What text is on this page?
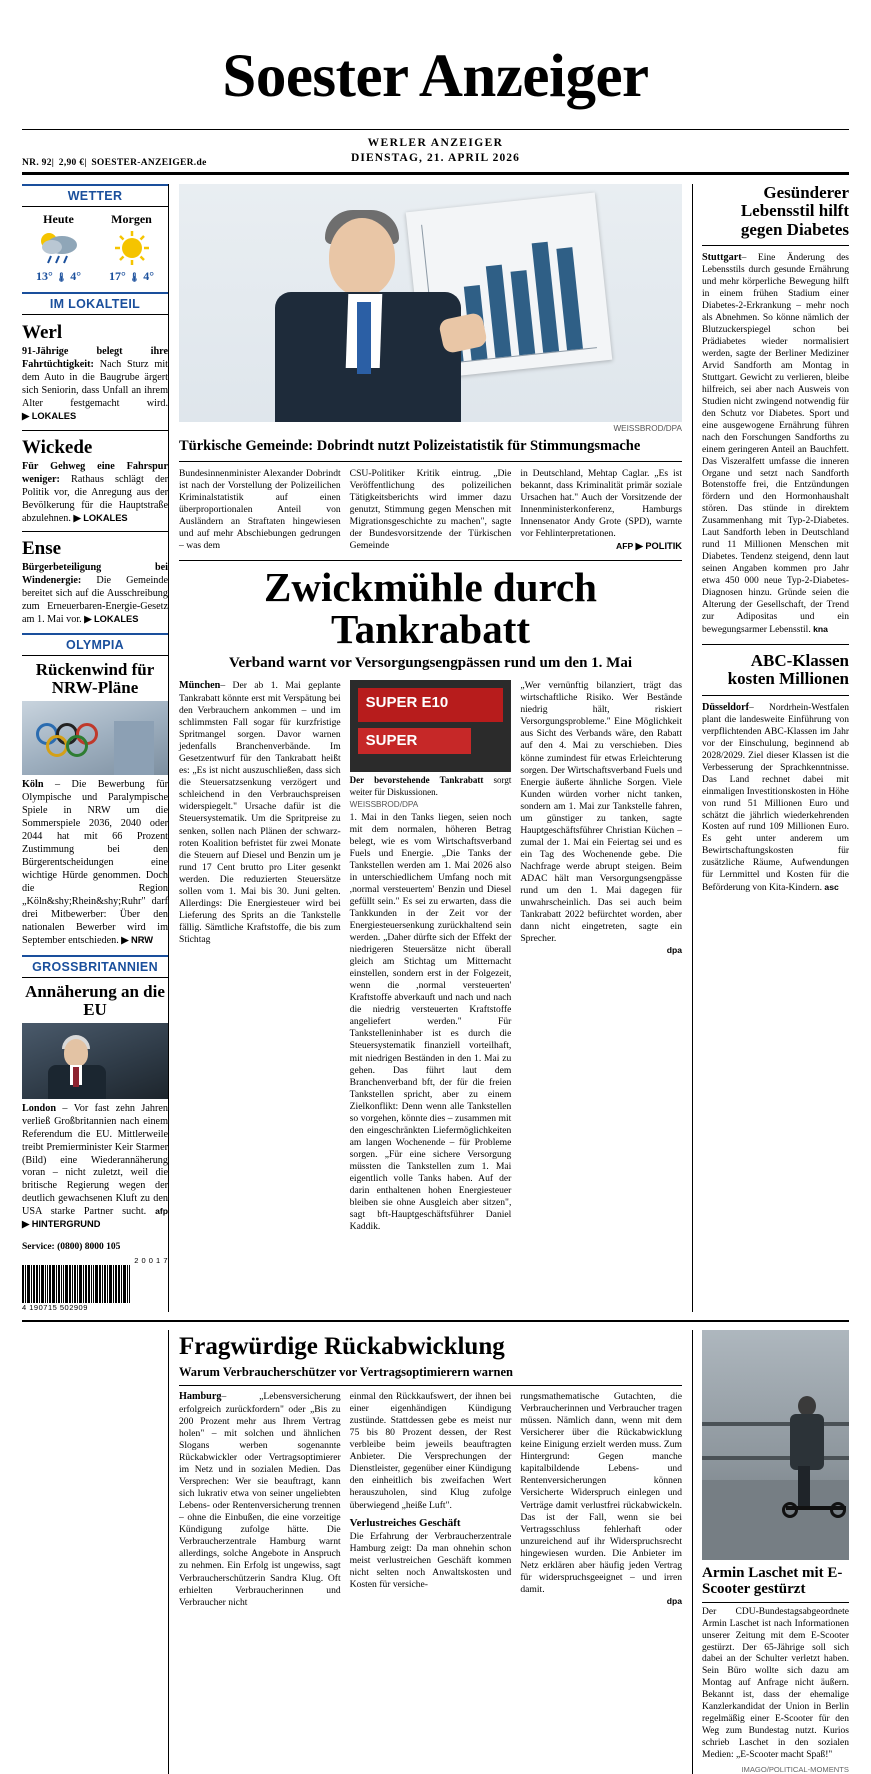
Soester Anzeiger
WERLER ANZEIGER
DIENSTAG, 21. APRIL 2026
NR. 92| 2,90 €| SOESTER-ANZEIGER.de
WETTER
Heute
13° 🌡 4°
Morgen
17° 🌡 4°
IM LOKALTEIL
Werl

91-Jährige belegt ihre Fahrtüchtigkeit: Nach Sturz mit dem Auto in die Baugrube ärgert sich Seniorin, dass Unfall an ihrem Alter festgemacht wird. ▶ LOKALES

Wickede

Für Gehweg eine Fahrspur weniger: Rathaus schlägt der Politik vor, die Anregung aus der Bevölkerung für die Hauptstraße abzulehnen. ▶ LOKALES

Ense

Bürgerbeteiligung bei Windenergie: Die Gemeinde bereitet sich auf die Ausschreibung zum Erneuerbaren-Energie-Gesetz am 1. Mai vor. ▶ LOKALES

OLYMPIA
Rückenwind für NRW-Pläne

Köln – Die Bewerbung für Olympische und Paralympische Spiele in NRW um die Sommerspiele 2036, 2040 oder 2044 hat mit 66 Prozent Zustimmung bei den Bürgerentscheidungen eine wichtige Hürde genommen. Doch die Region „Köln&shy;Rhein&shy;Ruhr" darf drei Mitbewerber: Über den nationalen Bewerber wird im September entschieden. ▶ NRW

GROSSBRITANNIEN
Annäherung an die EU

London – Vor fast zehn Jahren verließ Großbritannien nach einem Referendum die EU. Mittlerweile treibt Premierminister Keir Starmer (Bild) eine Wiederannäherung voran – nicht zuletzt, weil die britische Regierung wegen der deutlich gewachsenen Kluft zu den USA starke Partner sucht. afp ▶ HINTERGRUND

Service: (0800) 8000 105

2 0 0 1 7
4 190715 502909
WEISSBROD/DPA
Türkische Gemeinde: Dobrindt nutzt Polizeistatistik für Stimmungsmache

Bundesinnenminister Alexander Dobrindt ist nach der Vorstellung der Polizeilichen Kriminalstatistik auf einen überproportionalen Anteil von Ausländern an Straftaten hingewiesen und auf mehr Abschiebungen gedrungen – was dem

CSU-Politiker Kritik eintrug. „Die Veröffentlichung des polizeilichen Tätigkeitsberichts wird immer dazu genutzt, Stimmung gegen Menschen mit Migrationsgeschichte zu machen", sagte der Bundesvorsitzende der Türkischen Gemeinde

in Deutschland, Mehtap Caglar. „Es ist bekannt, dass Kriminalität primär soziale Ursachen hat." Auch der Vorsitzende der Innenministerkonferenz, Hamburgs Innensenator Andy Grote (SPD), warnte vor Fehlinterpretationen.

AFP ▶ POLITIK

Zwickmühle durch Tankrabatt
Verband warnt vor Versorgungsengpässen rund um den 1. Mai

München– Der ab 1. Mai geplante Tankrabatt könnte erst mit Verspätung bei den Verbrauchern ankommen – und im schlimmsten Fall sogar für kurzfristige Spritmangel sorgen. Davor warnen jedenfalls Branchenverbände. Im Gesetzentwurf für den Tankrabatt heißt es: „Es ist nicht auszuschließen, dass sich die Steuersatzsenkung verzögert und schleichend in den Verbrauchspreisen widerspiegelt." Ursache dafür ist die Steuersystematik. Um die Spritpreise zu senken, sollen nach Plänen der schwarz-roten Koalition befristet für zwei Monate die Steuern auf Diesel und Benzin um je rund 17 Cent brutto pro Liter gesenkt werden. Die reduzierten Steuersätze sollen vom 1. Mai bis 30. Juni gelten. Allerdings: Die Energiesteuer wird bei Lieferung des Sprits an die Tankstelle fällig. Sämtliche Kraftstoffe, die bis zum Stichtag

SUPER E10
SUPER

Der bevorstehende Tankrabatt sorgt weiter für Diskussionen.

WEISSBROD/DPA

1. Mai in den Tanks liegen, seien noch mit dem normalen, höheren Betrag belegt, wie es vom Wirtschaftsverband Fuels und Energie. „Die Tanks der Tankstellen werden am 1. Mai 2026 also in unterschiedlichem Umfang noch mit ,normal versteuertem' Benzin und Diesel gefüllt sein." Es sei zu erwarten, dass die Tankkunden in der Zeit vor der Energiesteuersenkung zurückhaltend sein werden. „Daher dürfte sich der Effekt der niedrigeren Steuersätze nicht überall gleich am Stichtag um Mitternacht einstellen, sondern erst in der Folgezeit, wenn die ,normal versteuerten' Kraftstoffe abverkauft und nach und nach die niedrig versteuerten Kraftstoffe angeliefert werden." Für Tankstelleninhaber ist es durch die Steuersystematik finanziell vorteilhaft, mit niedrigen Beständen in den 1. Mai zu gehen. Das führt laut dem Branchenverband bft, der für die freien Tankstellen spricht, aber zu einem Zielkonflikt: Denn wenn alle Tankstellen so vorgehen, könnte dies – zusammen mit den eingeschränkten Liefermöglichkeiten am langen Wochenende – für Probleme sorgen. „Für eine sichere Versorgung müssten die Tankstellen zum 1. Mai eigentlich volle Tanks haben. Auf der darin enthaltenen hohen Energiesteuer bleiben sie ohne Ausgleich aber sitzen", sagt bft-Hauptgeschäftsführer Daniel Kaddik.

„Wer vernünftig bilanziert, trägt das wirtschaftliche Risiko. Wer Bestände niedrig hält, riskiert Versorgungsprobleme." Eine Möglichkeit aus Sicht des Verbands wäre, den Rabatt auf den 4. Mai zu verschieben. Dies könne zumindest für etwas Erleichterung sorgen. Der Wirtschaftsverband Fuels und Energie äußerte ähnliche Sorgen. Viele Kunden würden vorher nicht tanken, sondern am 1. Mai zur Tankstelle fahren, um günstiger zu tanken, sagte Hauptgeschäftsführer Christian Küchen – zumal der 1. Mai ein Feiertag sei und es ein Tag des Wochenende gebe. Die Nachfrage werde abrupt steigen. Beim ADAC hält man Versorgungsengpässe rund um den 1. Mai dagegen für unwahrscheinlich. Das sei auch beim Tankrabatt 2022 befürchtet worden, aber dann nicht eingetreten, sagte ein Sprecher.

dpa

Gesünderer Lebensstil hilft gegen Diabetes

Stuttgart– Eine Änderung des Lebensstils durch gesunde Ernährung und mehr körperliche Bewegung hilft in einem frühen Stadium einer Diabetes-2-Erkrankung – mehr noch als Abnehmen. So könne nämlich der Blutzuckerspiegel schon bei Prädiabetes wieder normalisiert werden, sagte der Berliner Mediziner Arvid Sandforth am Montag in Stuttgart. Gewicht zu verlieren, bleibe hilfreich, sei aber nach Ausweis von Studien nicht zwingend notwendig für den Schutz vor Diabetes. Sport und eine ausgewogene Ernährung führen nach den Forschungen Sandforths zu einem geringeren Anteil an Bauchfett. Das Viszeralfett umfasse die inneren Organe und setzt nach Sandforth Botenstoffe frei, die Entzündungen fördern und den Hormonhaushalt stören. Das stünde in direktem Zusammenhang mit Typ-2-Diabetes. Laut Sandforth leben in Deutschland rund 11 Millionen Menschen mit Diabetes. Tendenz steigend, denn laut seinen Angaben kommen pro Jahr etwa 450 000 neue Typ-2-Diabetes-Diagnosen hinzu. Gründe seien die Alterung der Gesellschaft, der Trend zur Adipositas und ein bewegungsarmer Lebensstil. kna

ABC-Klassen kosten Millionen

Düsseldorf– Nordrhein-Westfalen plant die landesweite Einführung von verpflichtenden ABC-Klassen im Jahr vor der Einschulung, beginnend ab 2028/2029. Ziel dieser Klassen ist die Verbesserung der Sprachkenntnisse. Das Land rechnet dabei mit einmaligen Investitionskosten in Höhe von rund 51 Millionen Euro und schätzt die jährlich wiederkehrenden Kosten auf rund 109 Millionen Euro. Es geht unter anderem um Bewirtschaftungskosten für zusätzliche Räume, Aufwendungen für Lernmittel und Kosten für die Beförderung von Kita-Kindern. asc

Fragwürdige Rückabwicklung
Warum Verbraucherschützer vor Vertragsoptimierern warnen

Hamburg– „Lebensversicherung erfolgreich zurückfordern" oder „Bis zu 200 Prozent mehr aus Ihrem Vertrag holen" – mit solchen und ähnlichen Slogans werben sogenannte Rückabwickler oder Vertragsoptimierer im Netz und in sozialen Medien. Das Versprechen: Wer sie beauftragt, kann sich lukrativ etwa von seiner ungeliebten Lebens- oder Rentenversicherung trennen – ohne die Einbußen, die eine vorzeitige Kündigung zufolge hätte. Die Verbraucherzentrale Hamburg warnt allerdings, solche Angebote in Anspruch zu nehmen. Ein Erfolg ist ungewiss, sagt Verbraucherschützerin Sandra Klug. Oft erhielten Verbraucherinnen und Verbraucher nicht

einmal den Rückkaufswert, der ihnen bei einer eigenhändigen Kündigung zustünde. Stattdessen gebe es meist nur 75 bis 80 Prozent dessen, der Rest verbleibe beim jeweils beauftragten Anbieter. Die Versprechungen der Dienstleister, gegenüber einer Kündigung den einheitlich bis zweifachen Wert herauszuholen, sind Klug zufolge überwiegend „heiße Luft".

Verlustreiches Geschäft

Die Erfahrung der Verbraucherzentrale Hamburg zeigt: Da man ohnehin schon meist verlustreichen Geschäft kommen nicht selten noch Anwaltskosten und Kosten für versiche-

rungsmathematische Gutachten, die Verbraucherinnen und Verbraucher tragen müssen. Nämlich dann, wenn mit dem Versicherer über die Rückabwicklung keine Einigung erzielt werden muss. Zum Hintergrund: Gegen manche kapitalbildende Lebens- und Rentenversicherungen können Versicherte Widerspruch einlegen und Verträge damit verlustfrei rückabwickeln. Das ist der Fall, wenn sie bei Vertragsschluss fehlerhaft oder unzureichend auf ihr Widerspruchsrecht hingewiesen wurden. Die Anbieter im Netz erklären aber häufig jeden Vertrag für widerspruchsgeeignet – und irren damit.

dpa

Armin Laschet mit E-Scooter gestürzt

Der CDU-Bundestagsabgeordnete Armin Laschet ist nach Informationen unserer Zeitung mit dem E-Scooter gestürzt. Der 65-Jährige soll sich dabei an der Schulter verletzt haben. Sein Büro wollte sich dazu am Montag auf Anfrage nicht äußern. Bekannt ist, dass der ehemalige Kanzlerkandidat der Union in Berlin regelmäßig einer E-Scooter für den Weg zum Bundestag nutzt. Kurios schrieb Laschet in den sozialen Medien: „E-Scooter macht Spaß!"

IMAGO/POLITICAL-MOMENTS
